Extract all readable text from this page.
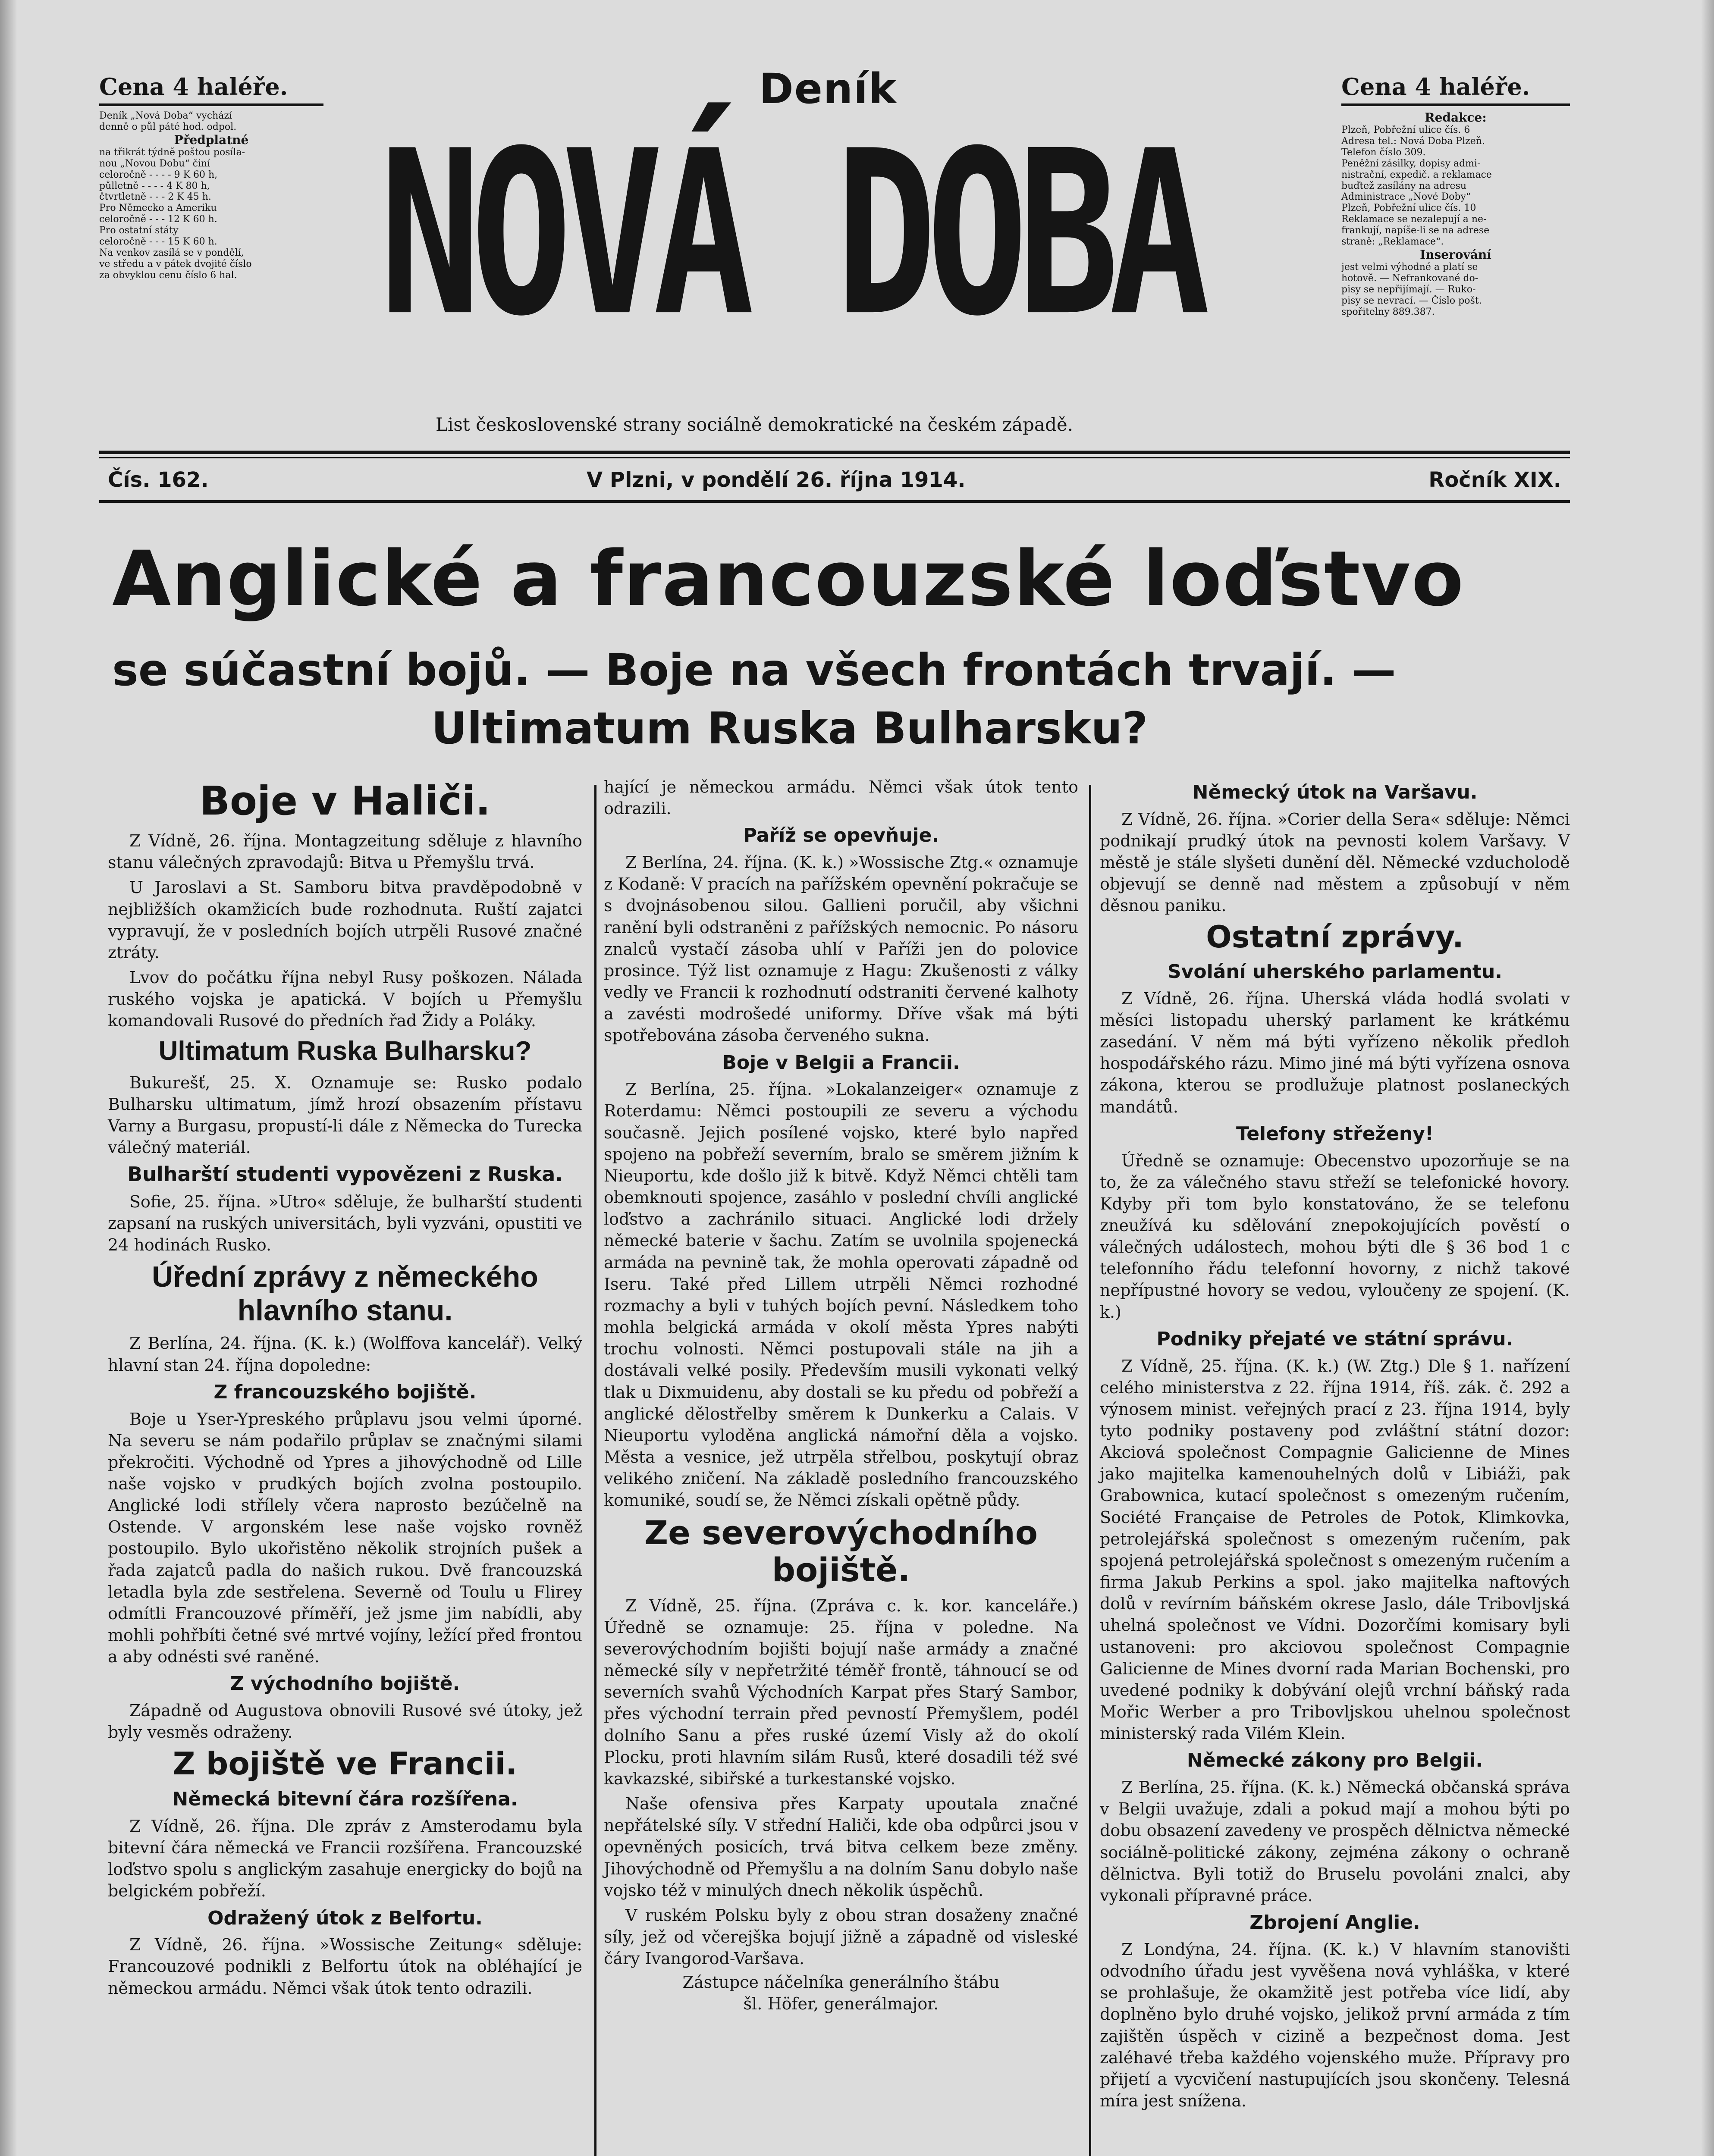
Cena 4 haléře.
Deník „Nová Doba“ vychází
denně o půl páté hod. odpol.
Předplatné
na třikrát týdně poštou posíla-
nou „Novou Dobu“ činí
celoročně - - - - 9 K 60 h,
půlletně - - - - 4 K 80 h,
čtvrtletně - - - 2 K 45 h.
Pro Německo a Ameriku
celoročně - - - 12 K 60 h.
Pro ostatní státy
celoročně - - - 15 K 60 h.
Na venkov zasílá se v pondělí,
ve středu a v pátek dvojité číslo
za obvyklou cenu číslo 6 hal.
Deník
NOVÁ DOBA
List československé strany sociálně demokratické na českém západě.
Cena 4 haléře.
Redakce:
Plzeň, Pobřežní ulice čís. 6
Adresa tel.: Nová Doba Plzeň.
Telefon číslo 309.
Peněžní zásilky, dopisy admi-
nistrační, expedič. a reklamace
buďtež zasílány na adresu
Administrace „Nové Doby“
Plzeň, Pobřežní ulice čís. 10
Reklamace se nezalepují a ne-
frankují, napíše-li se na adrese
straně: „Reklamace“.
Inserování
jest velmi výhodné a platí se
hotově. — Nefrankované do-
pisy se nepřijímají. — Ruko-
pisy se nevrací. — Číslo pošt.
spořitelny 889.387.
Čís. 162.	V Plzni, v pondělí 26. října 1914.	Ročník XIX.
Anglické a francouzské loďstvo
se súčastní bojů. — Boje na všech frontách trvají. —
Ultimatum Ruska Bulharsku?
Boje v Haliči.

Z Vídně, 26. října. Montagzeitung sděluje z hlavního stanu válečných zpravodajů: Bitva u Přemyšlu trvá.

U Jaroslavi a St. Samboru bitva pravděpodobně v nejbližších okamžicích bude rozhodnuta. Ruští zajatci vypravují, že v posledních bojích utrpěli Rusové značné ztráty.

Lvov do počátku října nebyl Rusy poškozen. Nálada ruského vojska je apatická. V bojích u Přemyšlu komandovali Rusové do předních řad Židy a Poláky.

Ultimatum Ruska Bulharsku?

Bukurešť, 25. X. Oznamuje se: Rusko podalo Bulharsku ultimatum, jímž hrozí obsazením přístavu Varny a Burgasu, propustí-li dále z Německa do Turecka válečný materiál.

Bulharští studenti vypovězeni z Ruska.

Sofie, 25. října. »Utro« sděluje, že bulharští studenti zapsaní na ruských universitách, byli vyzváni, opustiti ve 24 hodinách Rusko.

Úřední zprávy z německého hlavního stanu.

Z Berlína, 24. října. (K. k.) (Wolffova kancelář). Velký hlavní stan 24. října dopoledne:

Z francouzského bojiště.

Boje u Yser-Ypreského průplavu jsou velmi úporné. Na severu se nám podařilo průplav se značnými silami překročiti. Východně od Ypres a jihovýchodně od Lille naše vojsko v prudkých bojích zvolna postoupilo. Anglické lodi střílely včera naprosto bezúčelně na Ostende. V argonském lese naše vojsko rovněž postoupilo. Bylo ukořistěno několik strojních pušek a řada zajatců padla do našich rukou. Dvě francouzská letadla byla zde sestřelena. Severně od Toulu u Flirey odmítli Francouzové příměří, jež jsme jim nabídli, aby mohli pohřbíti četné své mrtvé vojíny, ležící před frontou a aby odnésti své raněné.

Z východního bojiště.

Západně od Augustova obnovili Rusové své útoky, jež byly vesměs odraženy.

Z bojiště ve Francii.
Německá bitevní čára rozšířena.

Z Vídně, 26. října. Dle zpráv z Amsterodamu byla bitevní čára německá ve Francii rozšířena. Francouzské loďstvo spolu s anglickým zasahuje energicky do bojů na belgickém pobřeží.

Odražený útok z Belfortu.

Z Vídně, 26. října. »Wossische Zeitung« sděluje: Francouzové podnikli z Belfortu útok na obléhající je německou armádu. Němci však útok tento odrazili.

hající je německou armádu. Němci však útok tento odrazili.

Paříž se opevňuje.

Z Berlína, 24. října. (K. k.) »Wossische Ztg.« oznamuje z Kodaně: V pracích na pařížském opevnění pokračuje se s dvojnásobenou silou. Gallieni poručil, aby všichni ranění byli odstraněni z pařížských nemocnic. Po násoru znalců vystačí zásoba uhlí v Paříži jen do polovice prosince. Týž list oznamuje z Hagu: Zkušenosti z války vedly ve Francii k rozhodnutí odstraniti červené kalhoty a zavésti modrošedé uniformy. Dříve však má býti spotřebována zásoba červeného sukna.

Boje v Belgii a Francii.

Z Berlína, 25. října. »Lokalanzeiger« oznamuje z Roterdamu: Němci postoupili ze severu a východu současně. Jejich posílené vojsko, které bylo napřed spojeno na pobřeží severním, bralo se směrem jižním k Nieuportu, kde došlo již k bitvě. Když Němci chtěli tam obemknouti spojence, zasáhlo v poslední chvíli anglické loďstvo a zachránilo situaci. Anglické lodi držely německé baterie v šachu. Zatím se uvolnila spojenecká armáda na pevnině tak, že mohla operovati západně od Iseru. Také před Lillem utrpěli Němci rozhodné rozmachy a byli v tuhých bojích pevní. Následkem toho mohla belgická armáda v okolí města Ypres nabýti trochu volnosti. Němci postupovali stále na jih a dostávali velké posily. Především musili vykonati velký tlak u Dixmuidenu, aby dostali se ku předu od pobřeží a anglické dělostřelby směrem k Dunkerku a Calais. V Nieuportu vyloděna anglická námořní děla a vojsko. Města a vesnice, jež utrpěla střelbou, poskytují obraz velikého zničení. Na základě posledního francouzského komuniké, soudí se, že Němci získali opětně půdy.

Ze severovýchodního bojiště.

Z Vídně, 25. října. (Zpráva c. k. kor. kanceláře.) Úředně se oznamuje: 25. října v poledne. Na severovýchodním bojišti bojují naše armády a značné německé síly v nepřetržité téměř frontě, táhnoucí se od severních svahů Východních Karpat přes Starý Sambor, přes východní terrain před pevností Přemyšlem, podél dolního Sanu a přes ruské území Visly až do okolí Plocku, proti hlavním silám Rusů, které dosadili též své kavkazské, sibiřské a turkestanské vojsko.

Naše ofensiva přes Karpaty upoutala značné nepřátelské síly. V střední Haliči, kde oba odpůrci jsou v opevněných posicích, trvá bitva celkem beze změny. Jihovýchodně od Přemyšlu a na dolním Sanu dobylo naše vojsko též v minulých dnech několik úspěchů.

V ruském Polsku byly z obou stran dosaženy značné síly, jež od včerejška bojují jižně a západně od visleské čáry Ivangorod-Varšava.

Zástupce náčelníka generálního štábu
šl. Höfer, generálmajor.
Německý útok na Varšavu.

Z Vídně, 26. října. »Corier della Sera« sděluje: Němci podnikají prudký útok na pevnosti kolem Varšavy. V městě je stále slyšeti dunění děl. Německé vzducholodě objevují se denně nad městem a způsobují v něm děsnou paniku.

Ostatní zprávy.
Svolání uherského parlamentu.

Z Vídně, 26. října. Uherská vláda hodlá svolati v měsíci listopadu uherský parlament ke krátkému zasedání. V něm má býti vyřízeno několik předloh hospodářského rázu. Mimo jiné má býti vyřízena osnova zákona, kterou se prodlužuje platnost poslaneckých mandátů.

Telefony střeženy!

Úředně se oznamuje: Obecenstvo upozorňuje se na to, že za válečného stavu střeží se telefonické hovory. Kdyby při tom bylo konstatováno, že se telefonu zneužívá ku sdělování znepokojujících pověstí o válečných událostech, mohou býti dle § 36 bod 1 c telefonního řádu telefonní hovorny, z nichž takové nepřípustné hovory se vedou, vyloučeny ze spojení. (K. k.)

Podniky přejaté ve státní správu.

Z Vídně, 25. října. (K. k.) (W. Ztg.) Dle § 1. nařízení celého ministerstva z 22. října 1914, říš. zák. č. 292 a výnosem minist. veřejných prací z 23. října 1914, byly tyto podniky postaveny pod zvláštní státní dozor: Akciová společnost Compagnie Galicienne de Mines jako majitelka kamenouhelných dolů v Libiáži, pak Grabownica, kutací společnost s omezeným ručením, Société Française de Petroles de Potok, Klimkovka, petrolejářská společnost s omezeným ručením, pak spojená petrolejářská společnost s omezeným ručením a firma Jakub Perkins a spol. jako majitelka naftových dolů v revírním báňském okrese Jaslo, dále Tribovljská uhelná společnost ve Vídni. Dozorčími komisary byli ustanoveni: pro akciovou společnost Compagnie Galicienne de Mines dvorní rada Marian Bochenski, pro uvedené podniky k dobývání olejů vrchní báňský rada Mořic Werber a pro Tribovljskou uhelnou společnost ministerský rada Vilém Klein.

Německé zákony pro Belgii.

Z Berlína, 25. října. (K. k.) Německá občanská správa v Belgii uvažuje, zdali a pokud mají a mohou býti po dobu obsazení zavedeny ve prospěch dělnictva německé sociálně-politické zákony, zejména zákony o ochraně dělnictva. Byli totiž do Bruselu povoláni znalci, aby vykonali přípravné práce.

Zbrojení Anglie.

Z Londýna, 24. října. (K. k.) V hlavním stanovišti odvodního úřadu jest vyvěšena nová vyhláška, v které se prohlašuje, že okamžitě jest potřeba více lidí, aby doplněno bylo druhé vojsko, jelikož první armáda z tím zajištěn úspěch v cizině a bezpečnost doma. Jest zaléhavé třeba každého vojenského muže. Přípravy pro přijetí a vycvičení nastupujících jsou skončeny. Telesná míra jest snížena.
